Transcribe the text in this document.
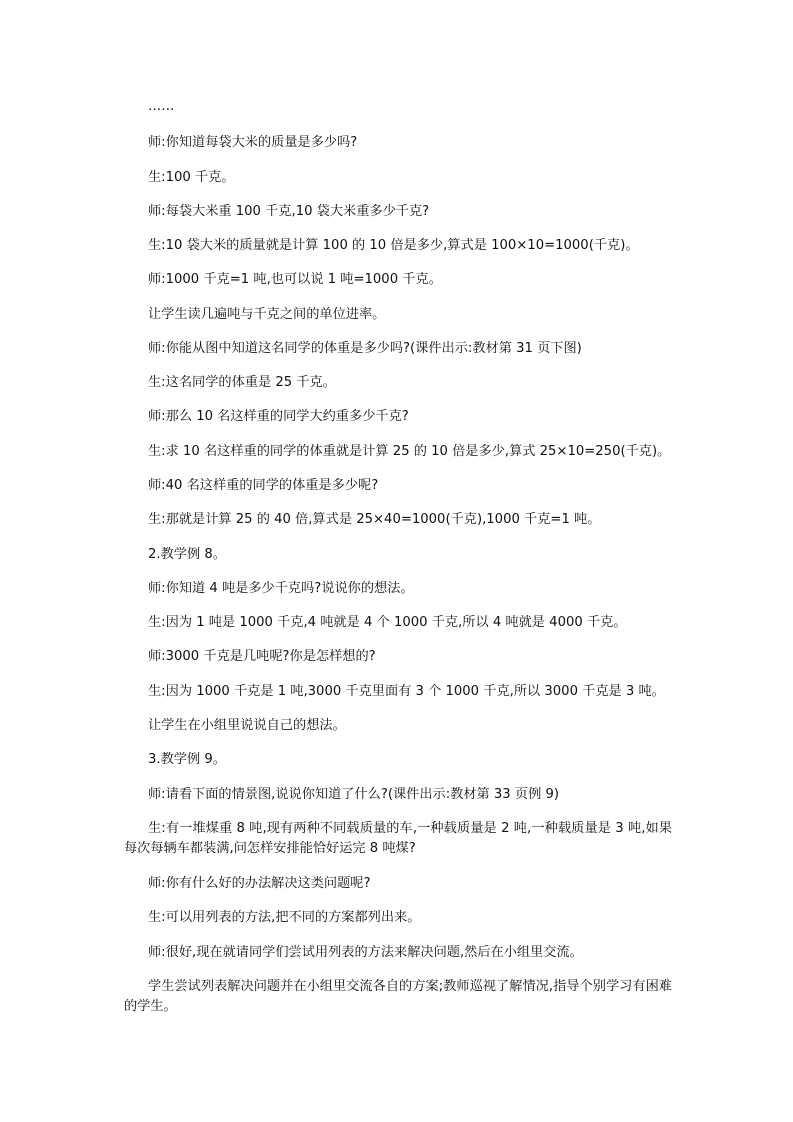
……

师:你知道每袋大米的质量是多少吗?

生:100 千克。

师:每袋大米重 100 千克,10 袋大米重多少千克?

生:10 袋大米的质量就是计算 100 的 10 倍是多少,算式是 100×10=1000(千克)。

师:1000 千克=1 吨,也可以说 1 吨=1000 千克。

让学生读几遍吨与千克之间的单位进率。

师:你能从图中知道这名同学的体重是多少吗?(课件出示:教材第 31 页下图)

生:这名同学的体重是 25 千克。

师:那么 10 名这样重的同学大约重多少千克?

生:求 10 名这样重的同学的体重就是计算 25 的 10 倍是多少,算式 25×10=250(千克)。

师:40 名这样重的同学的体重是多少呢?

生:那就是计算 25 的 40 倍,算式是 25×40=1000(千克),1000 千克=1 吨。

2.教学例 8。

师:你知道 4 吨是多少千克吗?说说你的想法。

生:因为 1 吨是 1000 千克,4 吨就是 4 个 1000 千克,所以 4 吨就是 4000 千克。

师:3000 千克是几吨呢?你是怎样想的?

生:因为 1000 千克是 1 吨,3000 千克里面有 3 个 1000 千克,所以 3000 千克是 3 吨。

让学生在小组里说说自己的想法。

3.教学例 9。

师:请看下面的情景图,说说你知道了什么?(课件出示:教材第 33 页例 9)

生:有一堆煤重 8 吨,现有两种不同载质量的车,一种载质量是 2 吨,一种载质量是 3 吨,如果每次每辆车都装满,问怎样安排能恰好运完 8 吨煤?

师:你有什么好的办法解决这类问题呢?

生:可以用列表的方法,把不同的方案都列出来。

师:很好,现在就请同学们尝试用列表的方法来解决问题,然后在小组里交流。

学生尝试列表解决问题并在小组里交流各自的方案;教师巡视了解情况,指导个别学习有困难的学生。
